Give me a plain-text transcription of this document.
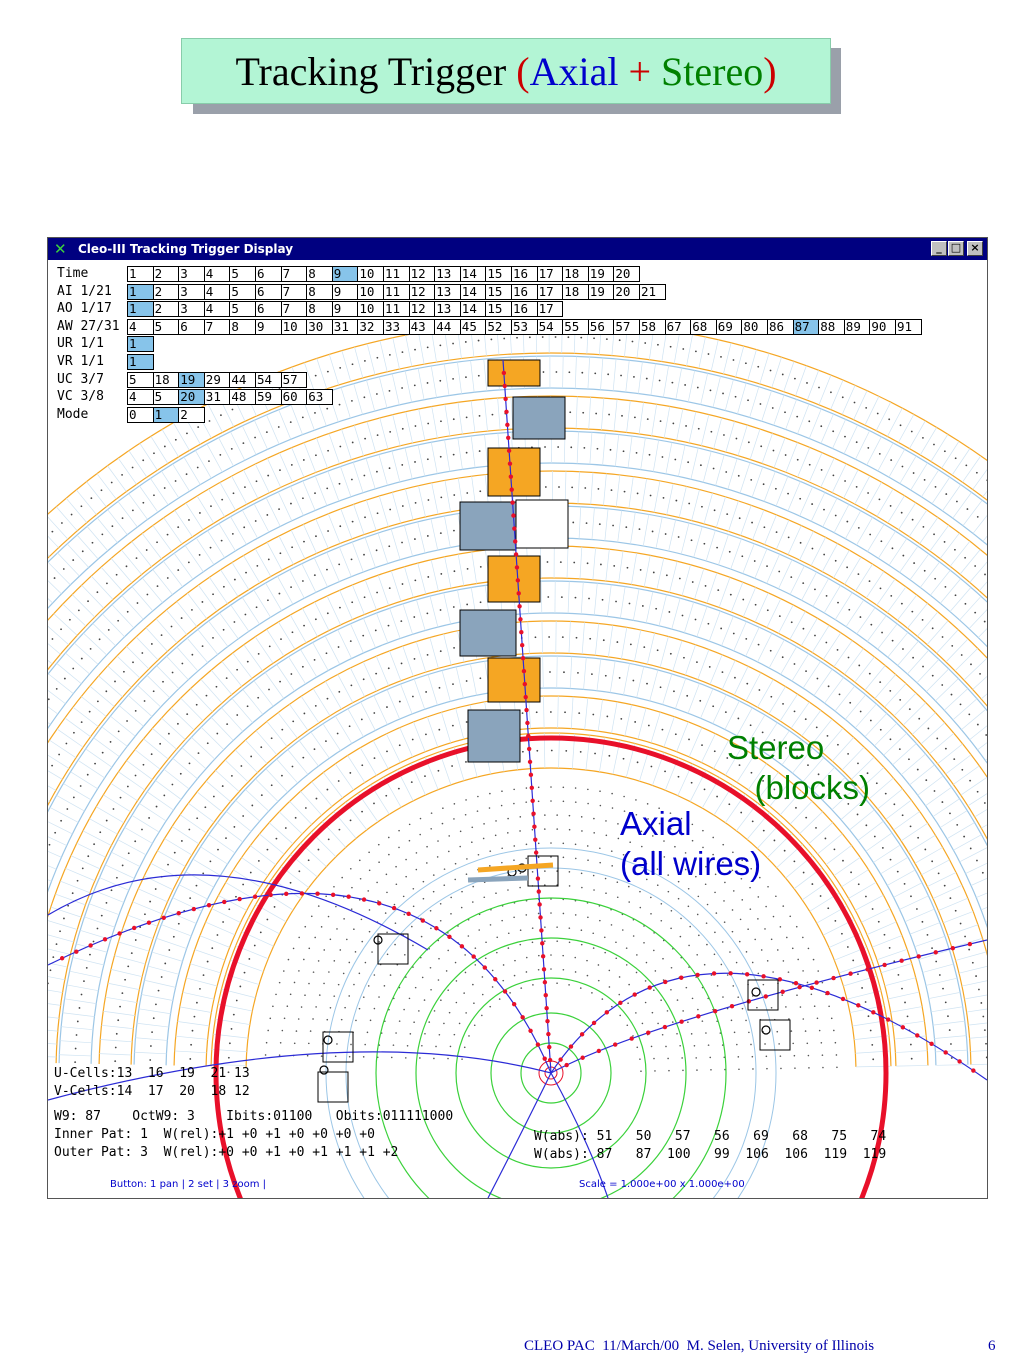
Tracking Trigger ( Axial + Stereo )
✕ Cleo-III Tracking Trigger Display	_ □ ×
Time	1	2	3	4	5	6	7	8	9	10 11 12 13 14 15 16 17 18 19 20
AI 1/21 1	2	3	4	5	6	7	8	9	10 11 12 13 14 15 16 17 18 19 20 21
AO 1/17 1	2	3	4	5	6	7	8	9	10 11 12 13 14 15 16 17
AW 27/31 4	5	6	7	8	9	10 30 31 32 33 43 44 45 52 53 54 55 56 57 58 67 68 69 80 86 87 88 89 90 91
UR 1/1 1
VR 1/1 1
UC 3/7 5	18 19 29 44 54 57
VC 3/8 4	5	20 31 48 59 60 63
Mode	0	1	2
U-Cells:13  16  19  21 13
V-Cells:14  17  20  18 12
W9: 87    OctW9: 3    Ibits:01100   Obits:011111000
Inner Pat: 1  W(rel):+1 +0 +1 +0 +0 +0 +0
Outer Pat: 3  W(rel):+0 +0 +1 +0 +1 +1 +1 +2
W(abs): 51   50   57   56   69   68   75   74
W(abs): 87   87  100   99  106  106  119  119
Button: 1 pan | 2 set | 3 zoom |	Scale = 1.000e+00 x 1.000e+00
Stereo
(blocks)
Axial
(all wires)
CLEO PAC  11/March/00  M. Selen, University of Illinois	6
